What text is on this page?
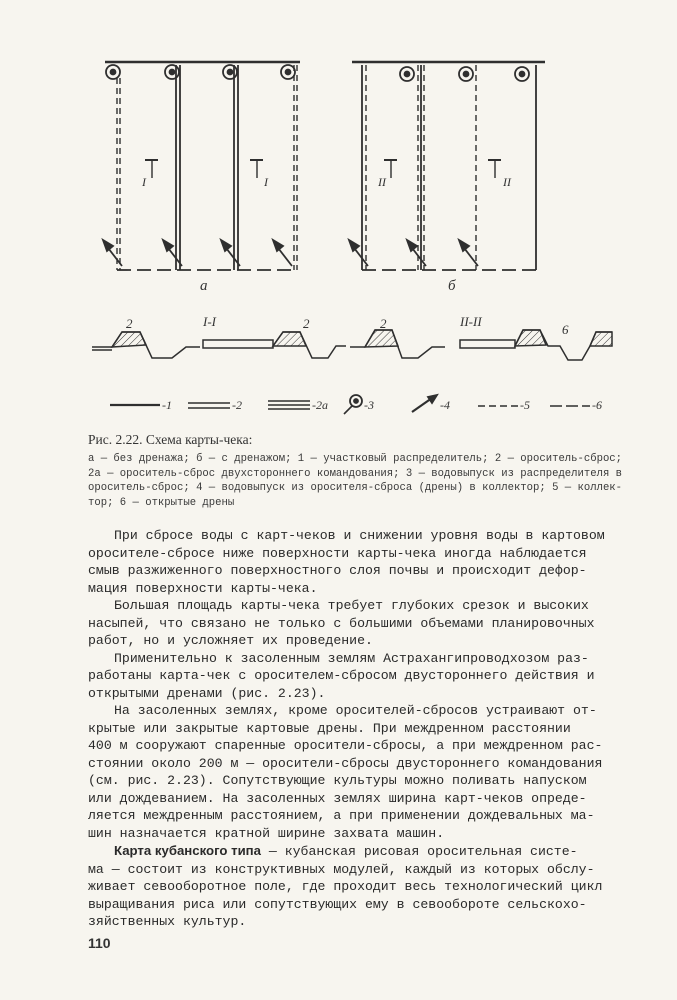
а	б
I	I	II	II
2	I-I	2	2	II-II
6
-1	-2	-2а	-3	-4	-5	-6
Рис. 2.22. Схема карты-чека:
а — без дренажа; б — с дренажом; 1 — участковый распределитель; 2 — ороситель-сброс;
2а — ороситель-сброс двухстороннего командования; 3 — водовыпуск из распределителя в
ороситель-сброс; 4 — водовыпуск из оросителя-сброса (дрены) в коллектор; 5 — коллек-
тор; 6 — открытые дрены
При сбросе воды с карт-чеков и снижении уровня воды в картовом
оросителе-сбросе ниже поверхности карты-чека иногда наблюдается
смыв разжиженного поверхностного слоя почвы и происходит дефор-
мация поверхности карты-чека.
Большая площадь карты-чека требует глубоких срезок и высоких
насыпей, что связано не только с большими объемами планировочных
работ, но и усложняет их проведение.
Применительно к засоленным землям Астрахангипроводхозом раз-
работаны карта-чек с оросителем-сбросом двустороннего действия и
открытыми дренами (рис. 2.23).
На засоленных землях, кроме оросителей-сбросов устраивают от-
крытые или закрытые картовые дрены. При междренном расстоянии
400 м сооружают спаренные оросители-сбросы, а при междренном рас-
стоянии около 200 м — оросители-сбросы двустороннего командования
(см. рис. 2.23). Сопутствующие культуры можно поливать напуском
или дождеванием. На засоленных землях ширина карт-чеков опреде-
ляется междренным расстоянием, а при применении дождевальных ма-
шин назначается кратной ширине захвата машин.
Карта кубанского типа — кубанская рисовая оросительная систе-
ма — состоит из конструктивных модулей, каждый из которых обслу-
живает севооборотное поле, где проходит весь технологический цикл
выращивания риса или сопутствующих ему в севообороте сельскохо-
зяйственных культур.
110
